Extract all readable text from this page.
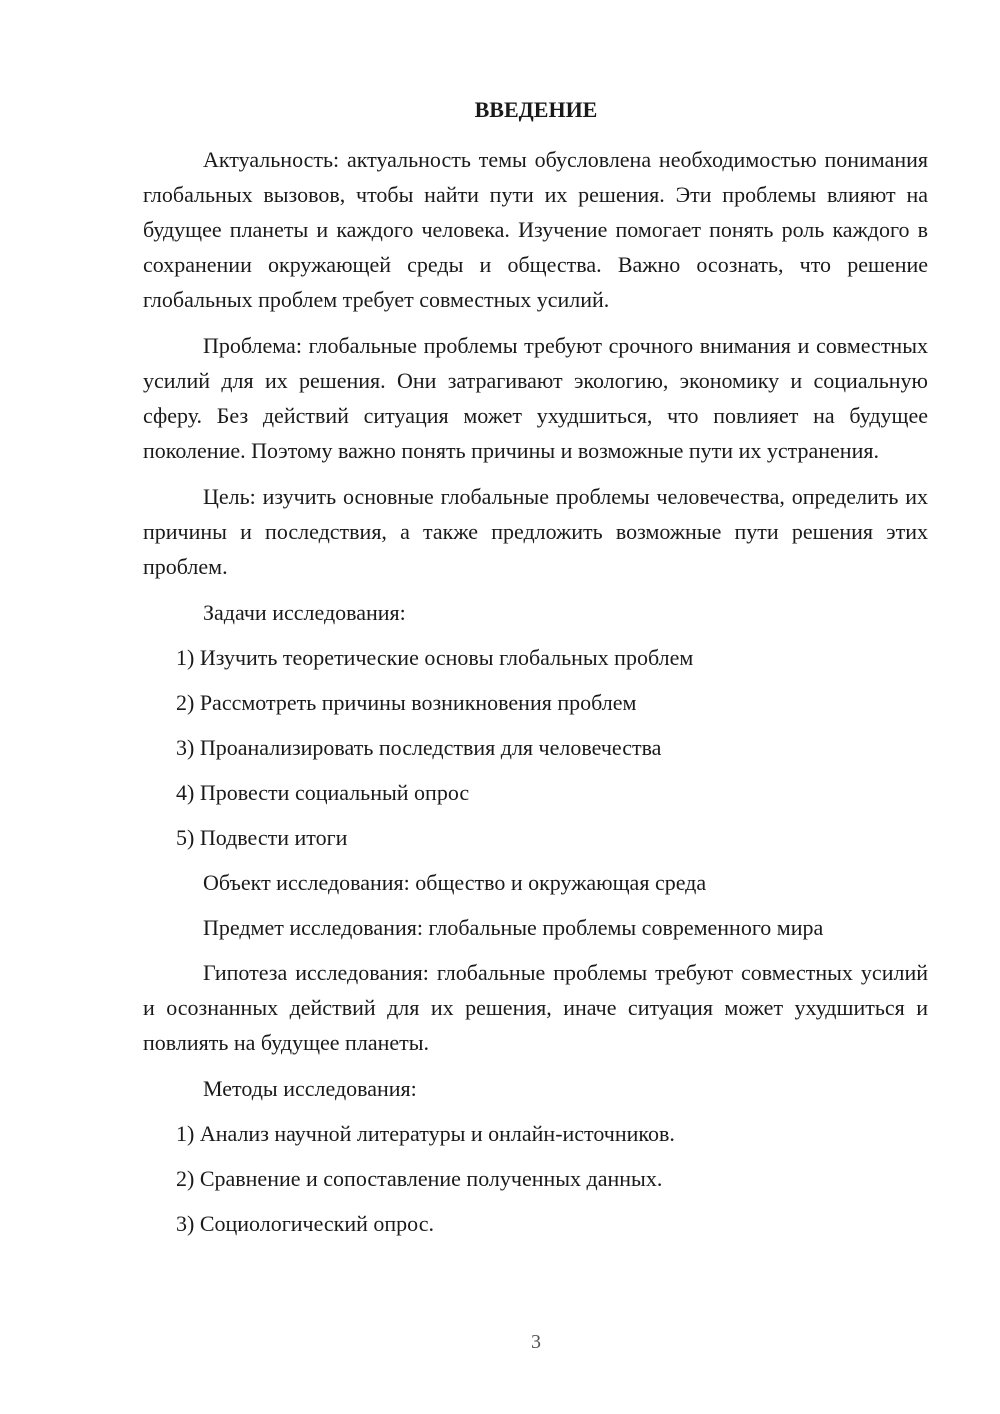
ВВЕДЕНИЕ

Актуальность: актуальность темы обусловлена необходимостью понимания глобальных вызовов, чтобы найти пути их решения. Эти проблемы влияют на будущее планеты и каждого человека. Изучение помогает понять роль каждого в сохранении окружающей среды и общества. Важно осознать, что решение глобальных проблем требует совместных усилий.

Проблема: глобальные проблемы требуют срочного внимания и совместных усилий для их решения. Они затрагивают экологию, экономику и социальную сферу. Без действий ситуация может ухудшиться, что повлияет на будущее поколение. Поэтому важно понять причины и возможные пути их устранения.

Цель: изучить основные глобальные проблемы человечества, определить их причины и последствия, а также предложить возможные пути решения этих проблем.

Задачи исследования:

1) Изучить теоретические основы глобальных проблем
2) Рассмотреть причины возникновения проблем
3) Проанализировать последствия для человечества
4) Провести социальный опрос
5) Подвести итоги

Объект исследования: общество и окружающая среда

Предмет исследования: глобальные проблемы современного мира

Гипотеза исследования: глобальные проблемы требуют совместных усилий и осознанных действий для их решения, иначе ситуация может ухудшиться и повлиять на будущее планеты.

Методы исследования:

1) Анализ научной литературы и онлайн-источников.
2) Сравнение и сопоставление полученных данных.
3) Социологический опрос.
3
